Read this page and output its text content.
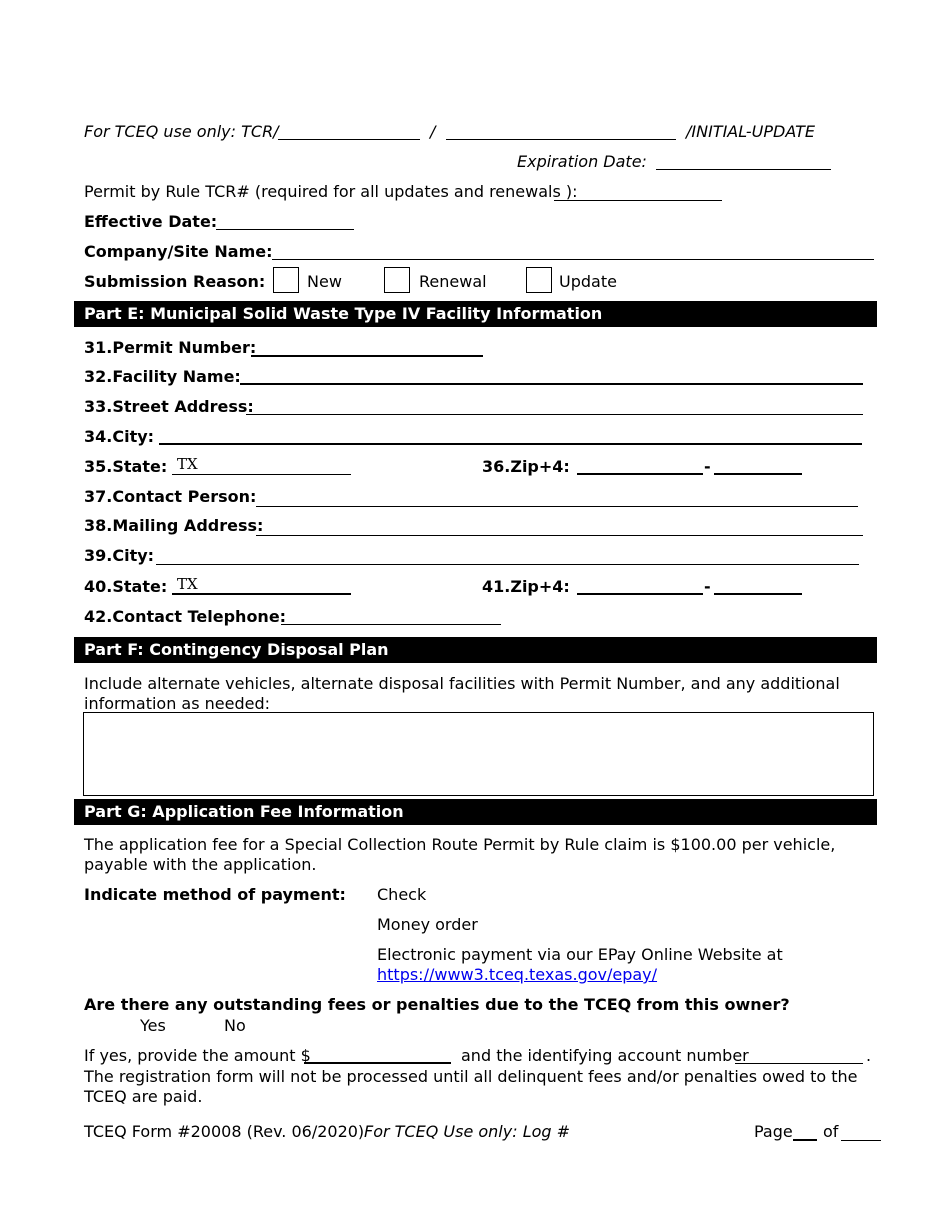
For TCEQ use only: TCR/	/	/INITIAL-UPDATE
Expiration Date:
Permit by Rule TCR# (required for all updates and renewals ):
Effective Date:
Company/Site Name:
Submission Reason:	New	Renewal	Update
Part E: Municipal Solid Waste Type IV Facility Information
31.Permit Number:
32.Facility Name:
33.Street Address:
34.City:
35.State: TX	36.Zip+4:	-
37.Contact Person:
38.Mailing Address:
39.City:
40.State: TX	41.Zip+4:	-
42.Contact Telephone:
Part F: Contingency Disposal Plan
Include alternate vehicles, alternate disposal facilities with Permit Number, and any additional information as needed:
Part G: Application Fee Information
The application fee for a Special Collection Route Permit by Rule claim is $100.00 per vehicle, payable with the application.
Indicate method of payment: Check
Money order
Electronic payment via our EPay Online Website at
https://www3.tceq.texas.gov/epay/
Are there any outstanding fees or penalties due to the TCEQ from this owner?
Yes	No
If yes, provide the amount $	and the identifying account number	.
The registration form will not be processed until all delinquent fees and/or penalties owed to the TCEQ are paid.
TCEQ Form #20008 (Rev. 06/2020) For TCEQ Use only: Log #	Page of
